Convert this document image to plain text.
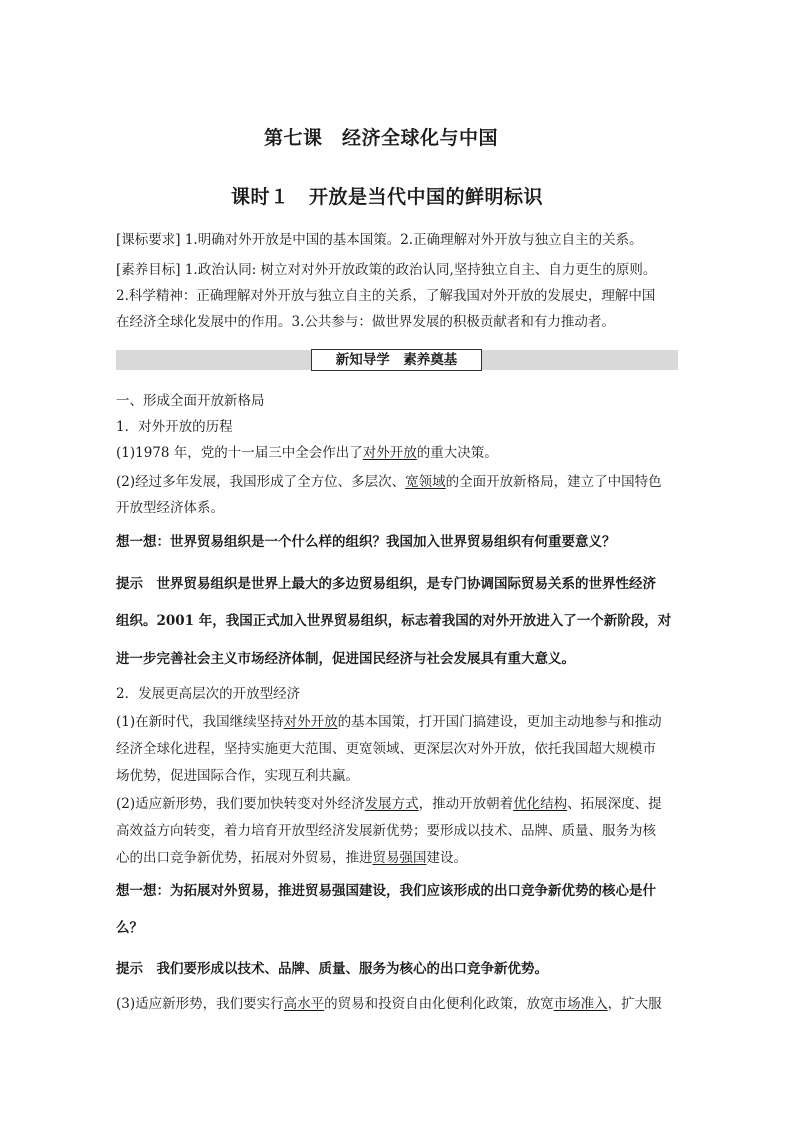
第七课　经济全球化与中国
课时１　开放是当代中国的鲜明标识
[课标要求] 1.明确对外开放是中国的基本国策。2.正确理解对外开放与独立自主的关系。
[素养目标] 1.政治认同: 树立对对外开放政策的政治认同,坚持独立自主、自力更生的原则。
2.科学精神：正确理解对外开放与独立自主的关系，了解我国对外开放的发展史，理解中国
在经济全球化发展中的作用。3.公共参与：做世界发展的积极贡献者和有力推动者。
新知导学　素养奠基
一、形成全面开放新格局
1．对外开放的历程
(1)1978 年，党的十一届三中全会作出了对外开放的重大决策。
(2)经过多年发展，我国形成了全方位、多层次、宽领域的全面开放新格局，建立了中国特色
开放型经济体系。
想一想：世界贸易组织是一个什么样的组织？我国加入世界贸易组织有何重要意义？
提示　世界贸易组织是世界上最大的多边贸易组织，是专门协调国际贸易关系的世界性经济
组织。2001 年，我国正式加入世界贸易组织，标志着我国的对外开放进入了一个新阶段，对
进一步完善社会主义市场经济体制，促进国民经济与社会发展具有重大意义。
2．发展更高层次的开放型经济
(1)在新时代，我国继续坚持对外开放的基本国策，打开国门搞建设，更加主动地参与和推动
经济全球化进程，坚持实施更大范围、更宽领域、更深层次对外开放，依托我国超大规模市
场优势，促进国际合作，实现互利共赢。
(2)适应新形势，我们要加快转变对外经济发展方式，推动开放朝着优化结构、拓展深度、提
高效益方向转变，着力培育开放型经济发展新优势；要形成以技术、品牌、质量、服务为核
心的出口竞争新优势，拓展对外贸易，推进贸易强国建设。
想一想：为拓展对外贸易，推进贸易强国建设，我们应该形成的出口竞争新优势的核心是什
么？
提示　我们要形成以技术、品牌、质量、服务为核心的出口竞争新优势。
(3)适应新形势，我们要实行高水平的贸易和投资自由化便利化政策，放宽市场准入，扩大服
